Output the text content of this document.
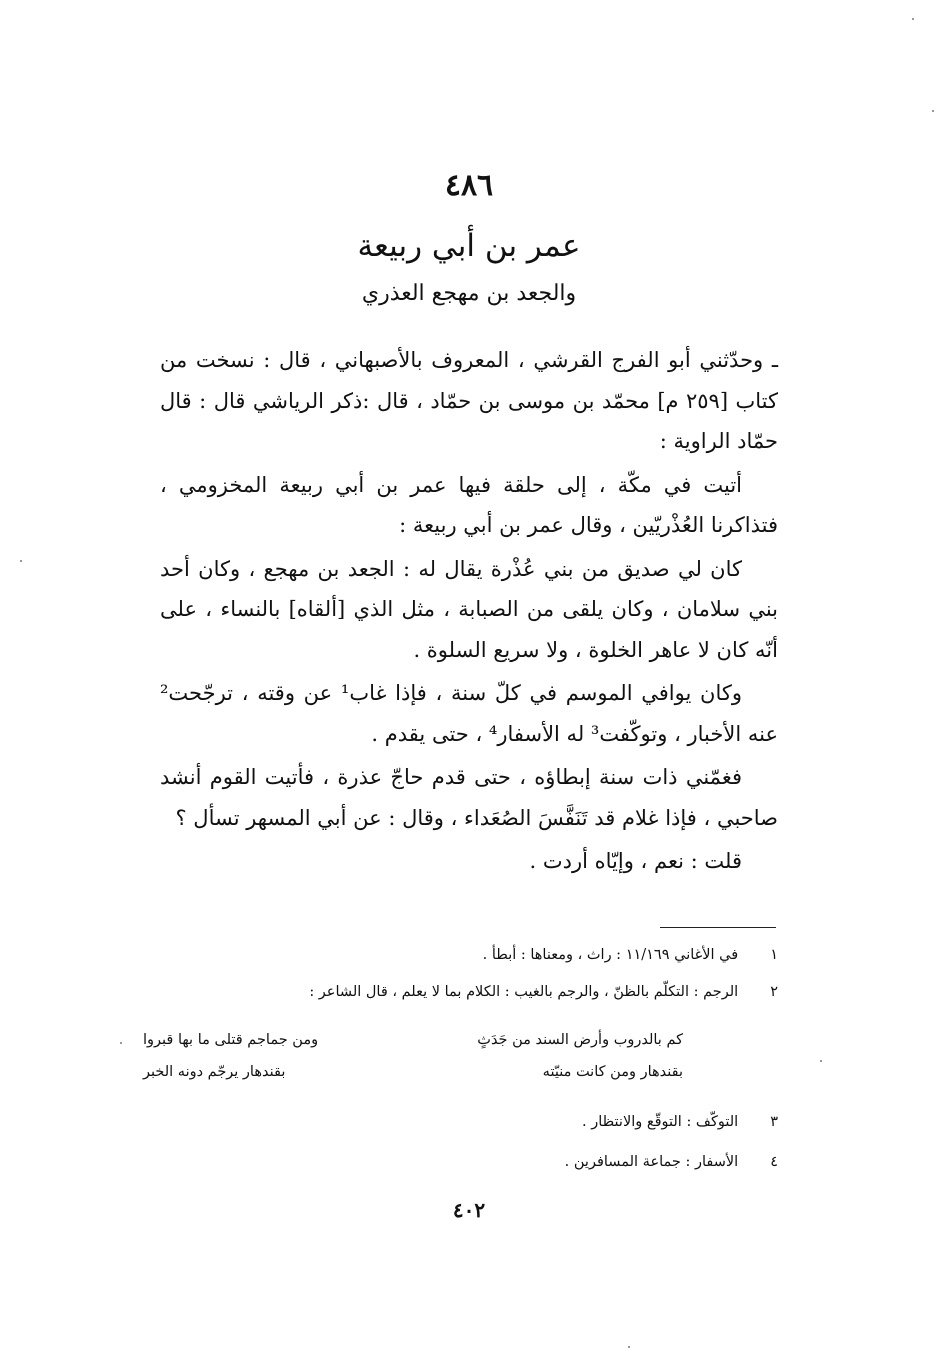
٤٨٦
عمر بن أبي ربيعة
والجعد بن مهجع العذري

ـ وحدّثني أبو الفرج القرشي ، المعروف بالأصبهاني ، قال : نسخت من كتاب [٢٥٩ م] محمّد بن موسى بن حمّاد ، قال :ذكر الرياشي قال : قال حمّاد الراوية :

أتيت في مكّة ، إلى حلقة فيها عمر بن أبي ربيعة المخزومي ، فتذاكرنا العُذْريّين ، وقال عمر بن أبي ربيعة :

كان لي صديق من بني عُذْرة يقال له : الجعد بن مهجع ، وكان أحد بني سلامان ، وكان يلقى من الصبابة ، مثل الذي [ألقاه] بالنساء ، على أنّه كان لا عاهر الخلوة ، ولا سريع السلوة .

وكان يوافي الموسم في كلّ سنة ، فإذا غاب¹ عن وقته ، ترجّحت² عنه الأخبار ، وتوكّفت³ له الأسفار⁴ ، حتى يقدم .

فغمّني ذات سنة إبطاؤه ، حتى قدم حاجّ عذرة ، فأتيت القوم أنشد صاحبي ، فإذا غلام قد تَنَفَّسَ الصُعَداء ، وقال : عن أبي المسهر تسأل ؟

قلت : نعم ، وإيّاه أردت .

١   في الأغاني ١١/١٦٩ : راث ، ومعناها : أبطأ .
٢   الرجم : التكلّم بالظنّ ، والرجم بالغيب : الكلام بما لا يعلم ، قال الشاعر :
كم بالدروب وأرض السند من جَدَثٍ
ومن جماجم قتلى ما بها قبروا
بقندهار ومن كانت منيّته
بقندهار يرجّم دونه الخبر
٣   التوكّف : التوقّع والانتظار .
٤   الأسفار : جماعة المسافرين .
٤٠٢
